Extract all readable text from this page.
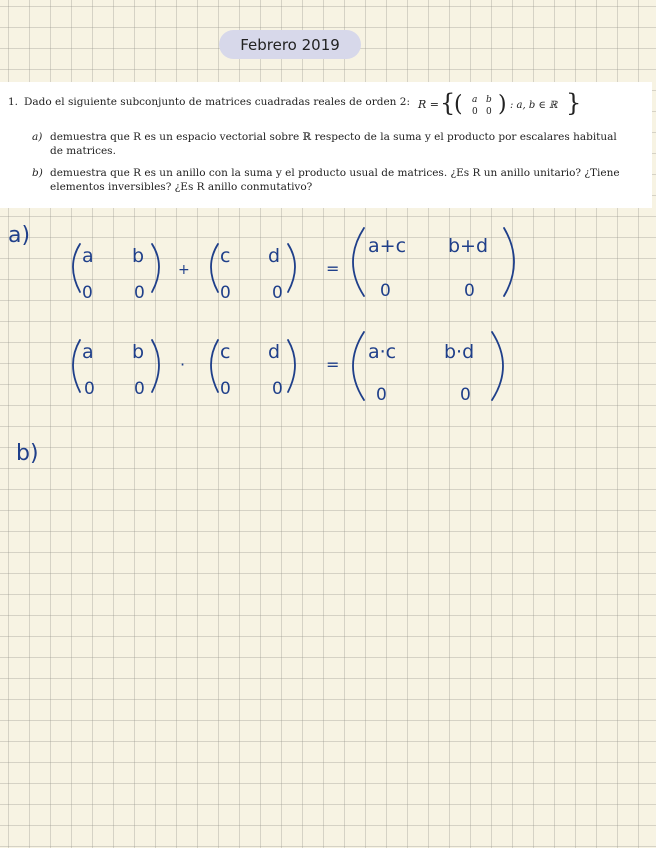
Febrero 2019
1. Dado el siguiente subconjunto de matrices cuadradas reales de orden 2: R = {
( a b
0 0 ) : a, b ∈ ℝ }
a) demuestra que R es un espacio vectorial sobre ℝ respecto de la suma y el producto por escalares habitual de matrices.
b) demuestra que R es un anillo con la suma y el producto usual de matrices. ¿Es R un anillo unitario? ¿Tiene elementos inversibles? ¿Es R anillo conmutativo?
a)
a b
0 0
+
c d
0 0
=
a+c b+d
0	0
a b
0 0
·
c d
0 0
=
a·c	b·d
0	0
b)
